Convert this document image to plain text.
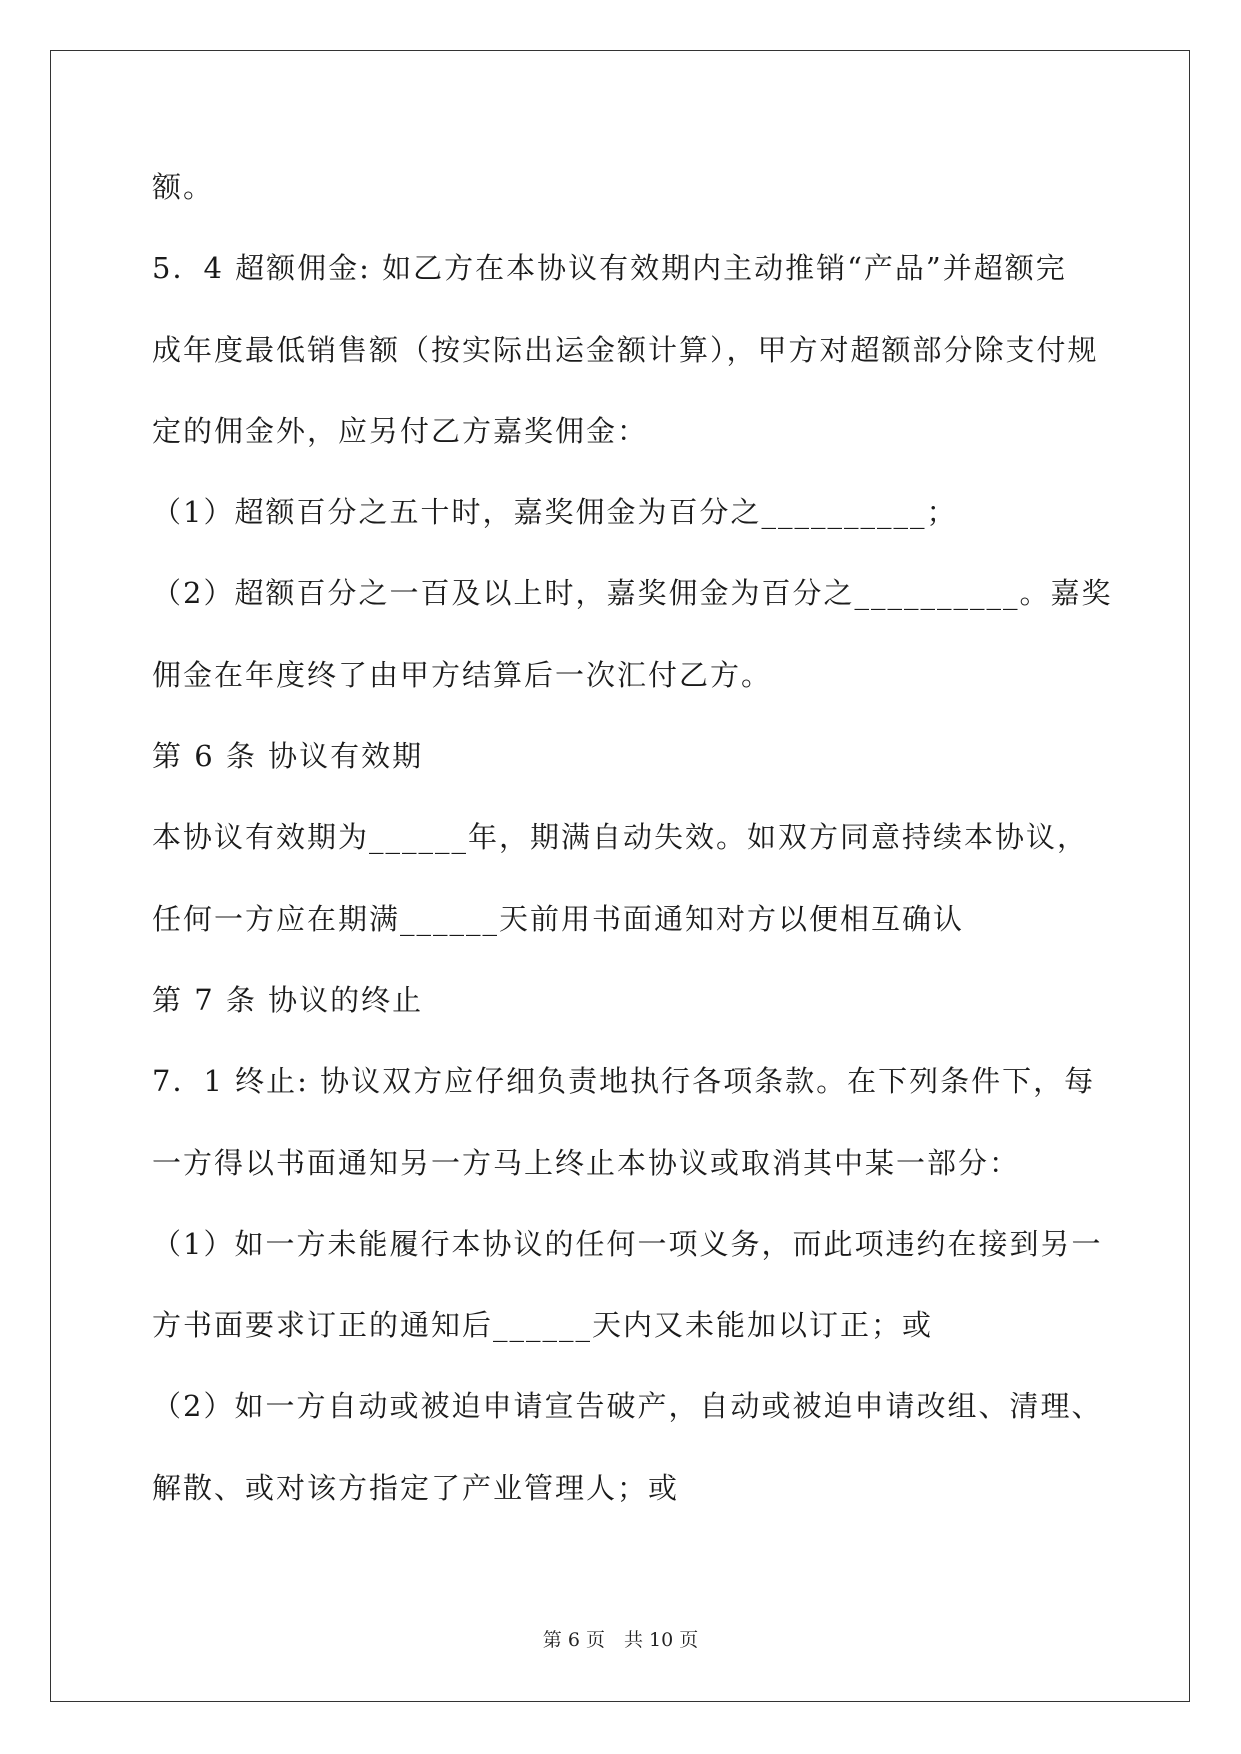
额。
5．4 超额佣金: 如乙方在本协议有效期内主动推销“产品”并超额完
成年度最低销售额（按实际出运金额计算），甲方对超额部分除支付规
定的佣金外，应另付乙方嘉奖佣金：
（1）超额百分之五十时，嘉奖佣金为百分之__________；
（2）超额百分之一百及以上时，嘉奖佣金为百分之__________。嘉奖
佣金在年度终了由甲方结算后一次汇付乙方。
第 6 条 协议有效期
本协议有效期为______年，期满自动失效。如双方同意持续本协议，
任何一方应在期满______天前用书面通知对方以便相互确认
第 7 条 协议的终止
7．1 终止: 协议双方应仔细负责地执行各项条款。在下列条件下，每
一方得以书面通知另一方马上终止本协议或取消其中某一部分：
（1）如一方未能履行本协议的任何一项义务，而此项违约在接到另一
方书面要求订正的通知后______天内又未能加以订正；或
（2）如一方自动或被迫申请宣告破产，自动或被迫申请改组、清理、
解散、或对该方指定了产业管理人；或
第 6 页　共 10 页
